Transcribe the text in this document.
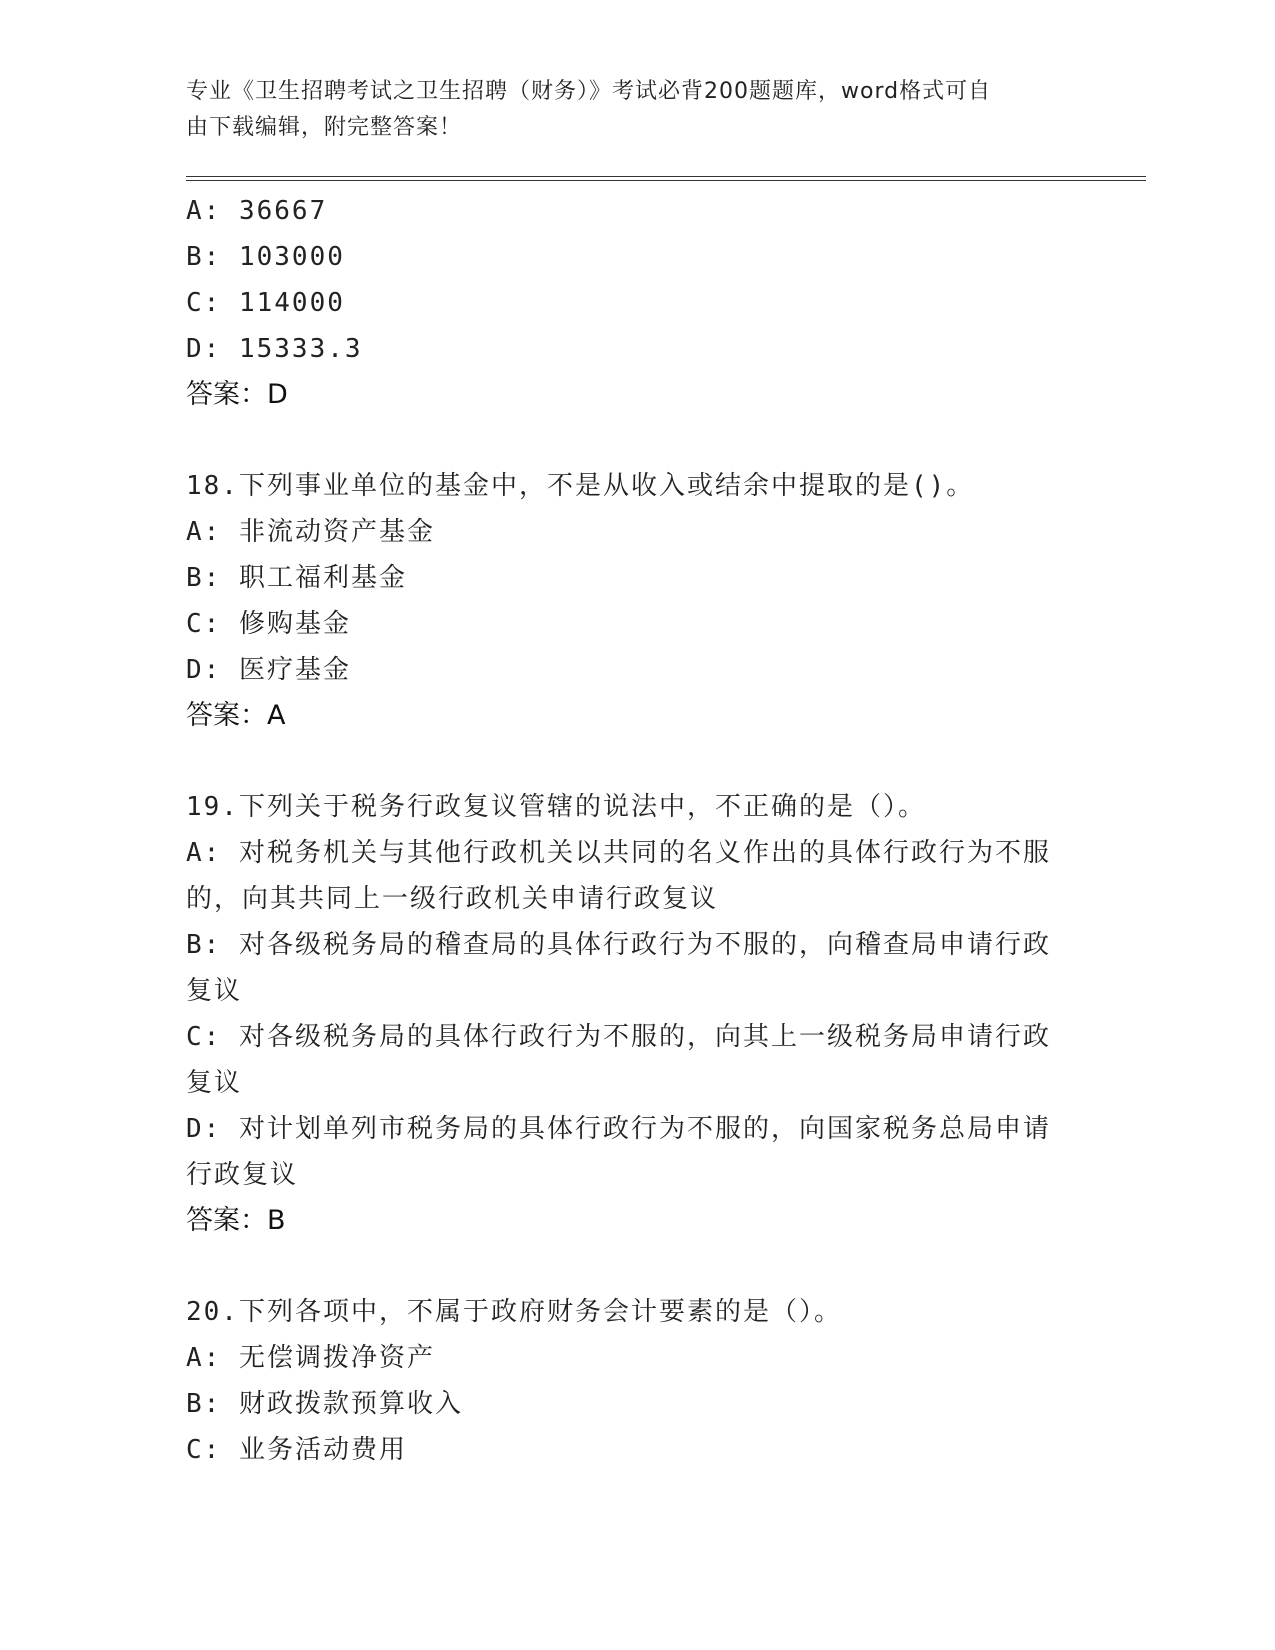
专业《卫生招聘考试之卫生招聘（财务）》考试必背200题题库，word格式可自
由下载编辑，附完整答案！

A: 36667

B: 103000

C: 114000

D: 15333.3

答案：D

18.下列事业单位的基金中，不是从收入或结余中提取的是()。

A: 非流动资产基金

B: 职工福利基金

C: 修购基金

D: 医疗基金

答案：A

19.下列关于税务行政复议管辖的说法中，不正确的是（）。

A: 对税务机关与其他行政机关以共同的名义作出的具体行政行为不服的，向其共同上一级行政机关申请行政复议

B: 对各级税务局的稽查局的具体行政行为不服的，向稽查局申请行政复议

C: 对各级税务局的具体行政行为不服的，向其上一级税务局申请行政复议

D: 对计划单列市税务局的具体行政行为不服的，向国家税务总局申请行政复议

答案：B

20.下列各项中，不属于政府财务会计要素的是（）。

A: 无偿调拨净资产

B: 财政拨款预算收入

C: 业务活动费用
